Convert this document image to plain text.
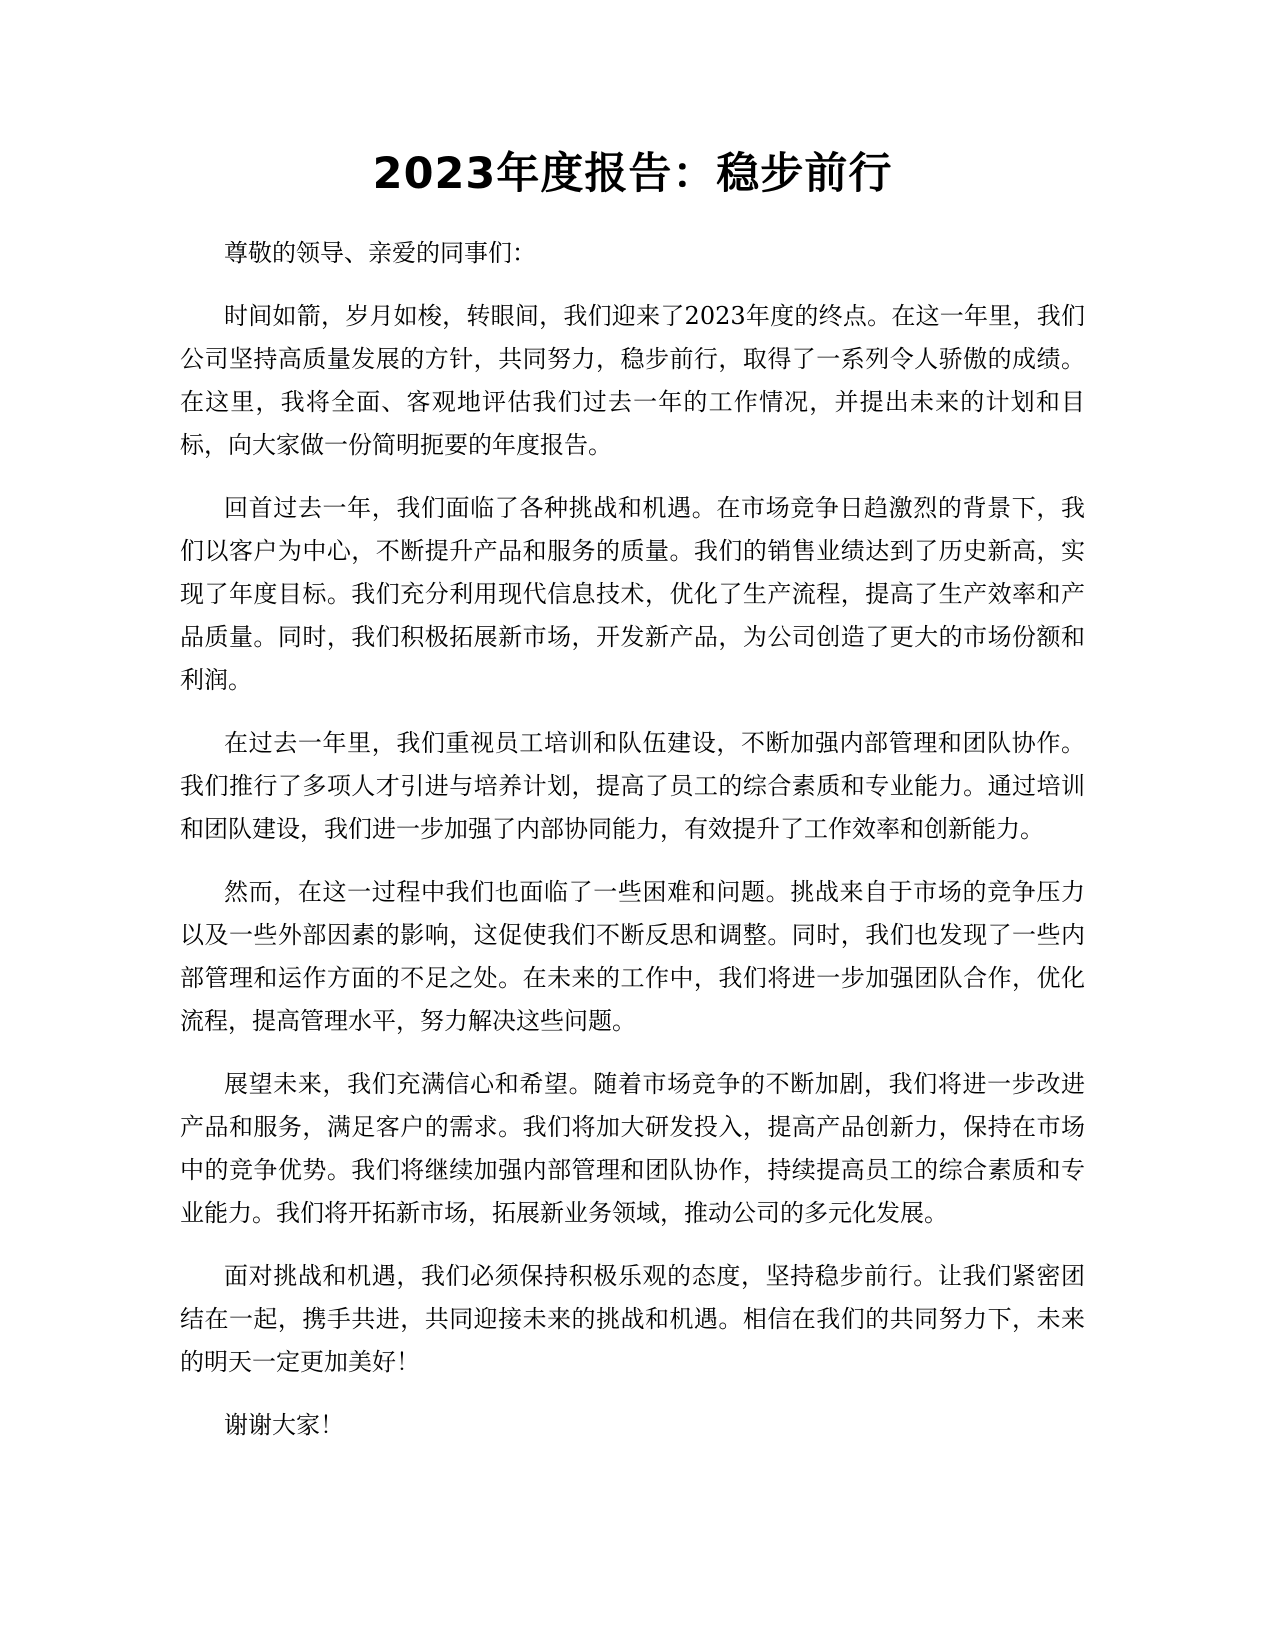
2023年度报告：稳步前行

尊敬的领导、亲爱的同事们：

时间如箭，岁月如梭，转眼间，我们迎来了2023年度的终点。在这一年里，我们公司坚持高质量发展的方针，共同努力，稳步前行，取得了一系列令人骄傲的成绩。在这里，我将全面、客观地评估我们过去一年的工作情况，并提出未来的计划和目标，向大家做一份简明扼要的年度报告。

回首过去一年，我们面临了各种挑战和机遇。在市场竞争日趋激烈的背景下，我们以客户为中心，不断提升产品和服务的质量。我们的销售业绩达到了历史新高，实现了年度目标。我们充分利用现代信息技术，优化了生产流程，提高了生产效率和产品质量。同时，我们积极拓展新市场，开发新产品，为公司创造了更大的市场份额和利润。

在过去一年里，我们重视员工培训和队伍建设，不断加强内部管理和团队协作。我们推行了多项人才引进与培养计划，提高了员工的综合素质和专业能力。通过培训和团队建设，我们进一步加强了内部协同能力，有效提升了工作效率和创新能力。

然而，在这一过程中我们也面临了一些困难和问题。挑战来自于市场的竞争压力以及一些外部因素的影响，这促使我们不断反思和调整。同时，我们也发现了一些内部管理和运作方面的不足之处。在未来的工作中，我们将进一步加强团队合作，优化流程，提高管理水平，努力解决这些问题。

展望未来，我们充满信心和希望。随着市场竞争的不断加剧，我们将进一步改进产品和服务，满足客户的需求。我们将加大研发投入，提高产品创新力，保持在市场中的竞争优势。我们将继续加强内部管理和团队协作，持续提高员工的综合素质和专业能力。我们将开拓新市场，拓展新业务领域，推动公司的多元化发展。

面对挑战和机遇，我们必须保持积极乐观的态度，坚持稳步前行。让我们紧密团结在一起，携手共进，共同迎接未来的挑战和机遇。相信在我们的共同努力下，未来的明天一定更加美好！

谢谢大家！
